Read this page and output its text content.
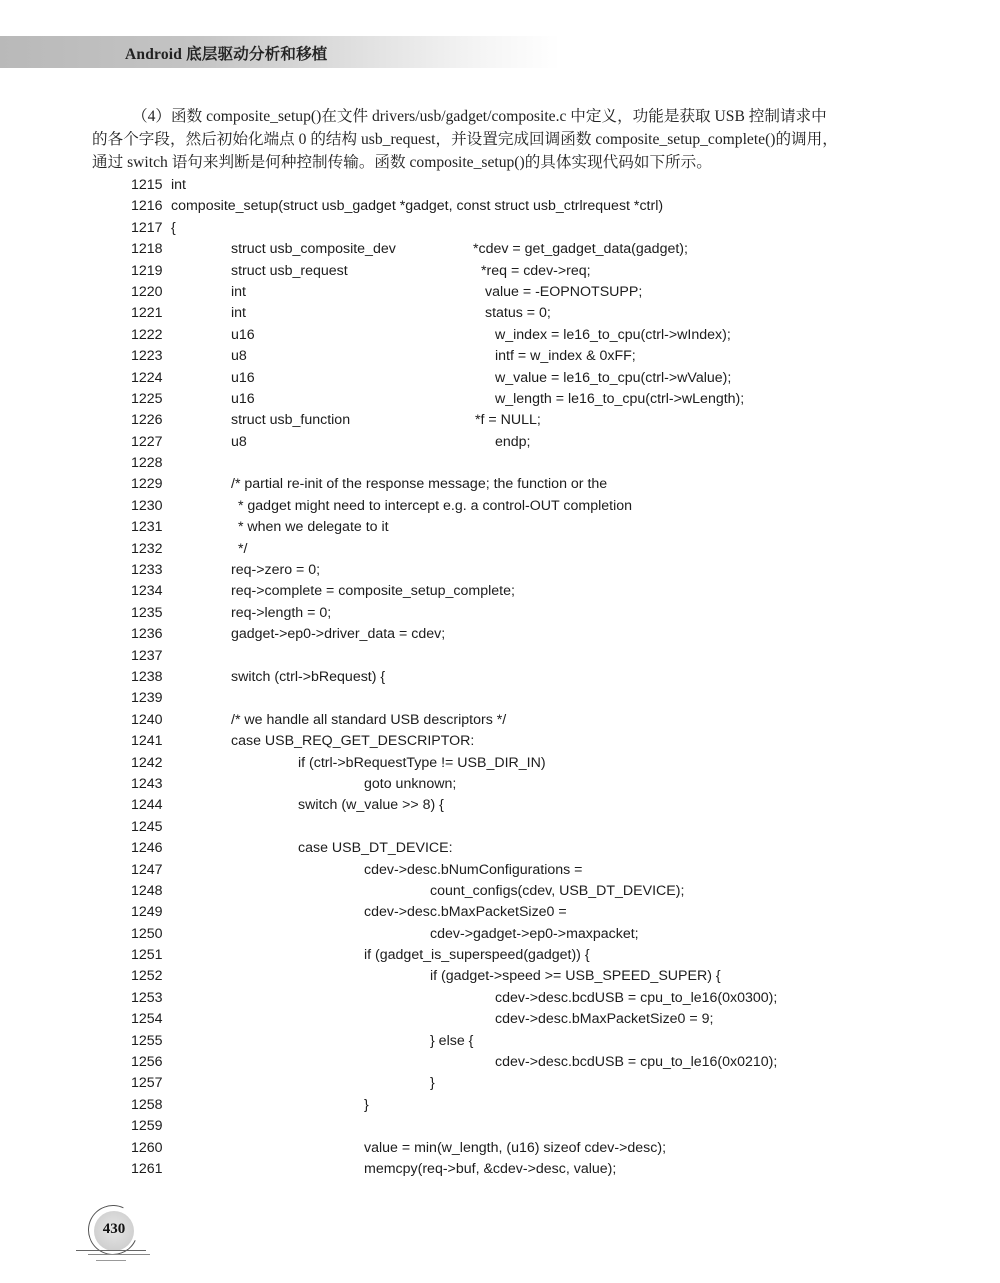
Android 底层驱动分析和移植
（4）函数 composite_setup()在文件 drivers/usb/gadget/composite.c 中定义，功能是获取 USB 控制请求中
的各个字段，然后初始化端点 0 的结构 usb_request，并设置完成回调函数 composite_setup_complete()的调用，
通过 switch 语句来判断是何种控制传输。函数 composite_setup()的具体实现代码如下所示。
1215 int
1216 composite_setup(struct usb_gadget *gadget, const struct usb_ctrlrequest *ctrl)
1217 {
1218	struct usb_composite_dev	*cdev = get_gadget_data(gadget);
1219	struct usb_request	*req = cdev->req;
1220	int	value = -EOPNOTSUPP;
1221	int	status = 0;
1222	u16	w_index = le16_to_cpu(ctrl->wIndex);
1223	u8	intf = w_index & 0xFF;
1224	u16	w_value = le16_to_cpu(ctrl->wValue);
1225	u16	w_length = le16_to_cpu(ctrl->wLength);
1226	struct usb_function	*f = NULL;
1227	u8	endp;
1228
1229	/* partial re-init of the response message; the function or the
1230	* gadget might need to intercept e.g. a control-OUT completion
1231	* when we delegate to it
1232	*/
1233	req->zero = 0;
1234	req->complete = composite_setup_complete;
1235	req->length = 0;
1236	gadget->ep0->driver_data = cdev;
1237
1238	switch (ctrl->bRequest) {
1239
1240	/* we handle all standard USB descriptors */
1241	case USB_REQ_GET_DESCRIPTOR:
1242	if (ctrl->bRequestType != USB_DIR_IN)
1243	goto unknown;
1244	switch (w_value >> 8) {
1245
1246	case USB_DT_DEVICE:
1247	cdev->desc.bNumConfigurations =
1248	count_configs(cdev, USB_DT_DEVICE);
1249	cdev->desc.bMaxPacketSize0 =
1250	cdev->gadget->ep0->maxpacket;
1251	if (gadget_is_superspeed(gadget)) {
1252	if (gadget->speed >= USB_SPEED_SUPER) {
1253	cdev->desc.bcdUSB = cpu_to_le16(0x0300);
1254	cdev->desc.bMaxPacketSize0 = 9;
1255	} else {
1256	cdev->desc.bcdUSB = cpu_to_le16(0x0210);
1257	}
1258	}
1259
1260	value = min(w_length, (u16) sizeof cdev->desc);
1261	memcpy(req->buf, &cdev->desc, value);
430
